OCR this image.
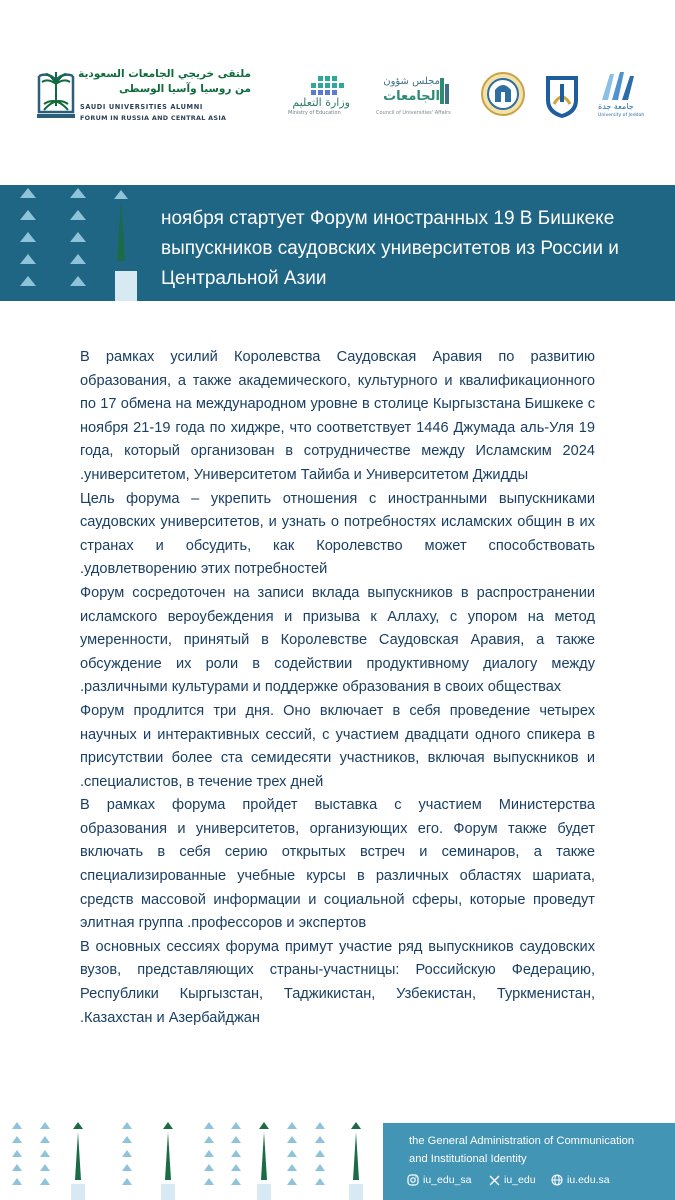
ملتقى خريجي الجامعات السعودية
من روسيا وآسيا الوسطى
SAUDI UNIVERSITIES ALUMNI
FORUM IN RUSSIA AND CENTRAL ASIA
وزارة التعليم
Ministry of Education
مجلس شؤون
الجامعات
Council of Universities' Affairs
جامعة جدة
University of Jeddah
ноября стартует Форум иностранных 19 В Бишкеке выпускников саудовских университетов из России и Центральной Азии

В рамках усилий Королевства Саудовская Аравия по развитию образования, а также академического, культурного и квалификационного по 17 обмена на международном уровне в столице Кыргызстана Бишкеке с ноября 21-19 года по хиджре, что соответствует 1446 Джумада аль-Уля 19 года, который организован в сотрудничестве между Исламским 2024 .университетом, Университетом Тайиба и Университетом Джидды

Цель форума – укрепить отношения с иностранными выпускниками саудовских университетов, и узнать о потребностях исламских общин в их странах и обсудить, как Королевство может способствовать .удовлетворению этих потребностей

Форум сосредоточен на записи вклада выпускников в распространении исламского вероубеждения и призыва к Аллаху, с упором на метод умеренности, принятый в Королевстве Саудовская Аравия, а также обсуждение их роли в содействии продуктивному диалогу между .различными культурами и поддержке образования в своих обществах

Форум продлится три дня. Оно включает в себя проведение четырех научных и интерактивных сессий, с участием двадцати одного спикера в присутствии более ста семидесяти участников, включая выпускников и .специалистов, в течение трех дней

В рамках форума пройдет выставка с участием Министерства образования и университетов, организующих его. Форум также будет включать в себя серию открытых встреч и семинаров, а также специализированные учебные курсы в различных областях шариата, средств массовой информации и социальной сферы, которые проведут элитная группа .профессоров и экспертов

В основных сессиях форума примут участие ряд выпускников саудовских вузов, представляющих страны-участницы: Российскую Федерацию, Республики Кыргызстан, Таджикистан, Узбекистан, Туркменистан, .Казахстан и Азербайджан

the General Administration of Communication
and Institutional Identity
iu_edu_sa	iu_edu	iu.edu.sa
